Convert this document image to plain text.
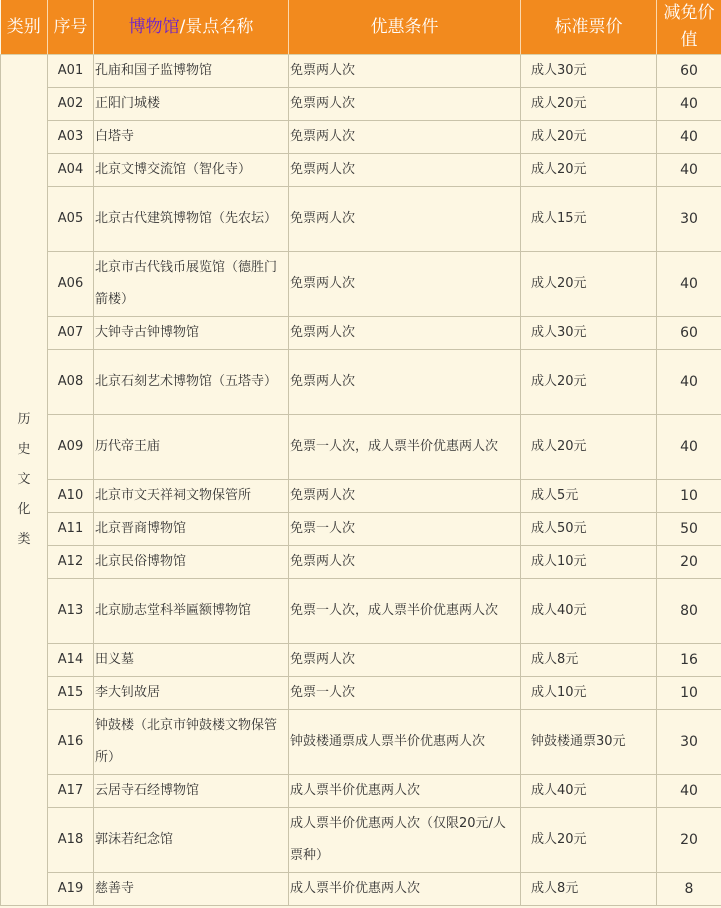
类别	序号	博物馆/景点名称	优惠条件	标准票价	减免价值

历史文化类	A01	孔庙和国子监博物馆	免票两人次	成人30元	60
	A02	正阳门城楼	免票两人次	成人20元	40
	A03	白塔寺	免票两人次	成人20元	40
	A04	北京文博交流馆（智化寺）	免票两人次	成人20元	40
	A05	北京古代建筑博物馆（先农坛）	免票两人次	成人15元	30
	A06	北京市古代钱币展览馆（德胜门箭楼）	免票两人次	成人20元	40
	A07	大钟寺古钟博物馆	免票两人次	成人30元	60
	A08	北京石刻艺术博物馆（五塔寺）	免票两人次	成人20元	40
	A09	历代帝王庙	免票一人次，成人票半价优惠两人次	成人20元	40
	A10	北京市文天祥祠文物保管所	免票两人次	成人5元	10
	A11	北京晋商博物馆	免票一人次	成人50元	50
	A12	北京民俗博物馆	免票两人次	成人10元	20
	A13	北京励志堂科举匾额博物馆	免票一人次，成人票半价优惠两人次	成人40元	80
	A14	田义墓	免票两人次	成人8元	16
	A15	李大钊故居	免票一人次	成人10元	10
	A16	钟鼓楼（北京市钟鼓楼文物保管所）	钟鼓楼通票成人票半价优惠两人次	钟鼓楼通票30元	30
	A17	云居寺石经博物馆	成人票半价优惠两人次	成人40元	40
	A18	郭沫若纪念馆	成人票半价优惠两人次（仅限20元/人票种）	成人20元	20
	A19	慈善寺	成人票半价优惠两人次	成人8元	8
